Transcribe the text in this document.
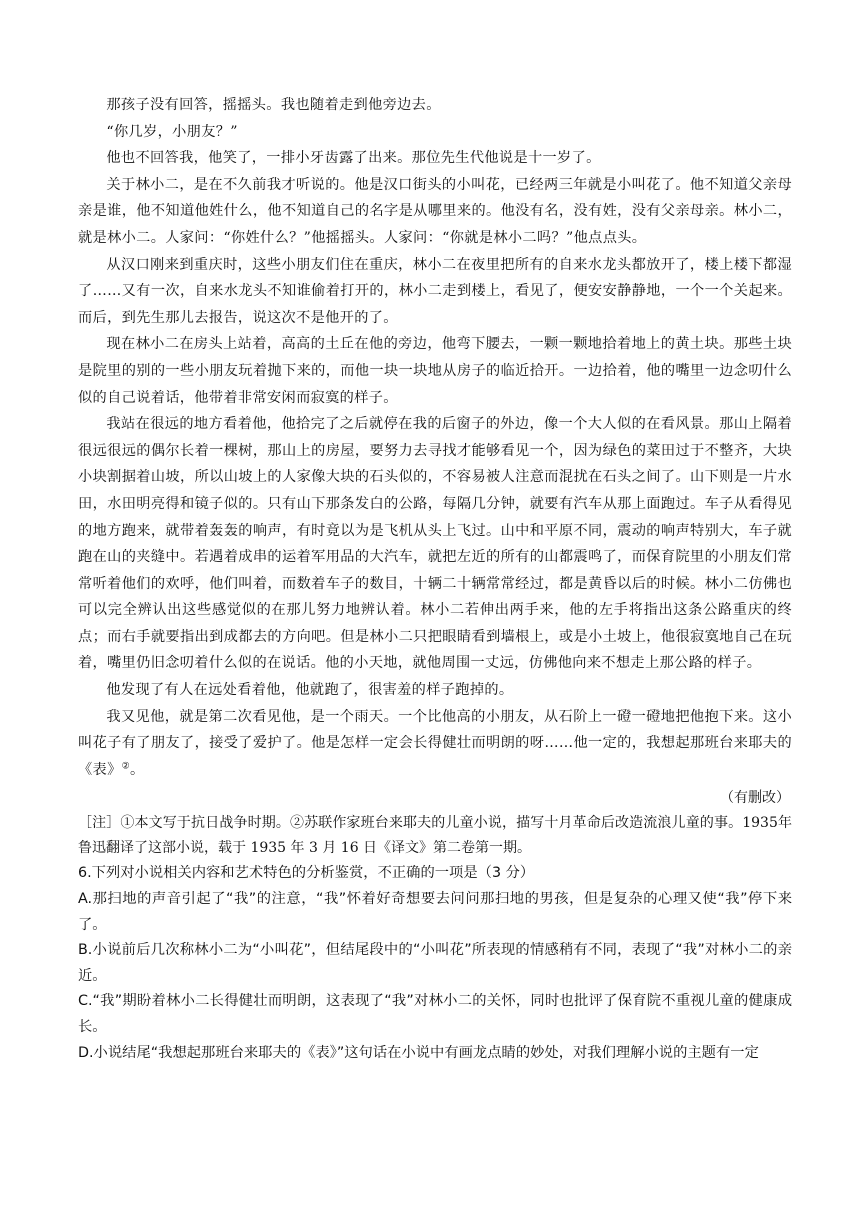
那孩子没有回答，摇摇头。我也随着走到他旁边去。

“你几岁，小朋友？”

他也不回答我，他笑了，一排小牙齿露了出来。那位先生代他说是十一岁了。

关于林小二，是在不久前我才听说的。他是汉口街头的小叫花，已经两三年就是小叫花了。他不知道父亲母亲是谁，他不知道他姓什么，他不知道自己的名字是从哪里来的。他没有名，没有姓，没有父亲母亲。林小二，就是林小二。人家问：“你姓什么？”他摇摇头。人家问：“你就是林小二吗？”他点点头。

从汉口刚来到重庆时，这些小朋友们住在重庆，林小二在夜里把所有的自来水龙头都放开了，楼上楼下都湿了……又有一次，自来水龙头不知谁偷着打开的，林小二走到楼上，看见了，便安安静静地，一个一个关起来。而后，到先生那儿去报告，说这次不是他开的了。

现在林小二在房头上站着，高高的土丘在他的旁边，他弯下腰去，一颗一颗地拾着地上的黄土块。那些土块是院里的别的一些小朋友玩着抛下来的，而他一块一块地从房子的临近拾开。一边拾着，他的嘴里一边念叨什么似的自己说着话，他带着非常安闲而寂寞的样子。

我站在很远的地方看着他，他拾完了之后就停在我的后窗子的外边，像一个大人似的在看风景。那山上隔着很远很远的偶尔长着一棵树，那山上的房屋，要努力去寻找才能够看见一个，因为绿色的菜田过于不整齐，大块小块割据着山坡，所以山坡上的人家像大块的石头似的，不容易被人注意而混扰在石头之间了。山下则是一片水田，水田明亮得和镜子似的。只有山下那条发白的公路，每隔几分钟，就要有汽车从那上面跑过。车子从看得见的地方跑来，就带着轰轰的响声，有时竟以为是飞机从头上飞过。山中和平原不同，震动的响声特别大，车子就跑在山的夹缝中。若遇着成串的运着军用品的大汽车，就把左近的所有的山都震鸣了，而保育院里的小朋友们常常听着他们的欢呼，他们叫着，而数着车子的数目，十辆二十辆常常经过，都是黄昏以后的时候。林小二仿佛也可以完全辨认出这些感觉似的在那儿努力地辨认着。林小二若伸出两手来，他的左手将指出这条公路重庆的终点；而右手就要指出到成都去的方向吧。但是林小二只把眼睛看到墙根上，或是小土坡上，他很寂寞地自己在玩着，嘴里仍旧念叨着什么似的在说话。他的小天地，就他周围一丈远，仿佛他向来不想走上那公路的样子。

他发现了有人在远处看着他，他就跑了，很害羞的样子跑掉的。

我又见他，就是第二次看见他，是一个雨天。一个比他高的小朋友，从石阶上一磴一磴地把他抱下来。这小叫花子有了朋友了，接受了爱护了。他是怎样一定会长得健壮而明朗的呀……他一定的，我想起那班台来耶夫的《表》②。

（有删改）

［注］①本文写于抗日战争时期。②苏联作家班台来耶夫的儿童小说，描写十月革命后改造流浪儿童的事。1935年鲁迅翻译了这部小说，载于 1935 年 3 月 16 日《译文》第二卷第一期。

6.下列对小说相关内容和艺术特色的分析鉴赏，不正确的一项是（3 分）

A.那扫地的声音引起了“我”的注意，“我”怀着好奇想要去问问那扫地的男孩，但是复杂的心理又使“我”停下来了。

B.小说前后几次称林小二为“小叫花”，但结尾段中的“小叫花”所表现的情感稍有不同，表现了“我”对林小二的亲近。

C.“我”期盼着林小二长得健壮而明朗，这表现了“我”对林小二的关怀，同时也批评了保育院不重视儿童的健康成长。

D.小说结尾“我想起那班台来耶夫的《表》”这句话在小说中有画龙点睛的妙处，对我们理解小说的主题有一定
